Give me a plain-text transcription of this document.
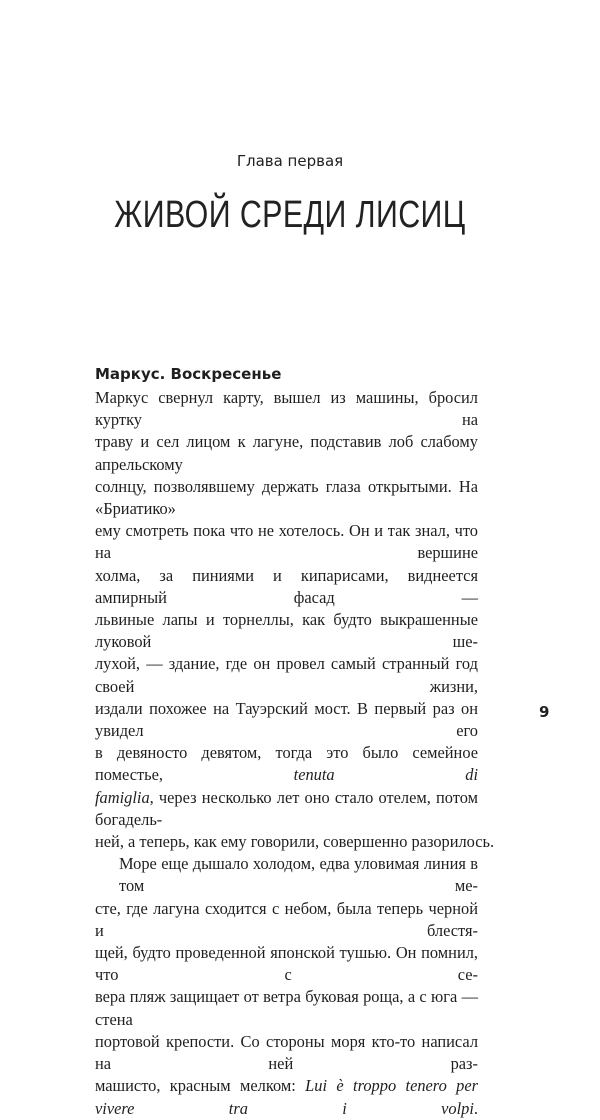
Глава первая
ЖИВОЙ СРЕДИ ЛИСИЦ
Маркус. Воскресенье
Маркус свернул карту, вышел из машины, бросил куртку на
траву и сел лицом к лагуне, подставив лоб слабому апрельскому
солнцу, позволявшему держать глаза открытыми. На «Бриатико»
ему смотреть пока что не хотелось. Он и так знал, что на вершине
холма, за пиниями и кипарисами, виднеется ампирный фасад —
львиные лапы и торнеллы, как будто выкрашенные луковой ше-
лухой, — здание, где он провел самый странный год своей жизни,
издали похожее на Тауэрский мост. В первый раз он увидел его
в девяносто девятом, тогда это было семейное поместье, tenuta di
famiglia, через несколько лет оно стало отелем, потом богадель-
ней, а теперь, как ему говорили, совершенно разорилось.
Море еще дышало холодом, едва уловимая линия в том ме-
сте, где лагуна сходится с небом, была теперь черной и блестя-
щей, будто проведенной японской тушью. Он помнил, что с се-
вера пляж защищает от ветра буковая роща, а с юга — стена
портовой крепости. Со стороны моря кто-то написал на ней раз-
машисто, красным мелком: Lui è troppo tenero per vivere tra i volpi.
9
